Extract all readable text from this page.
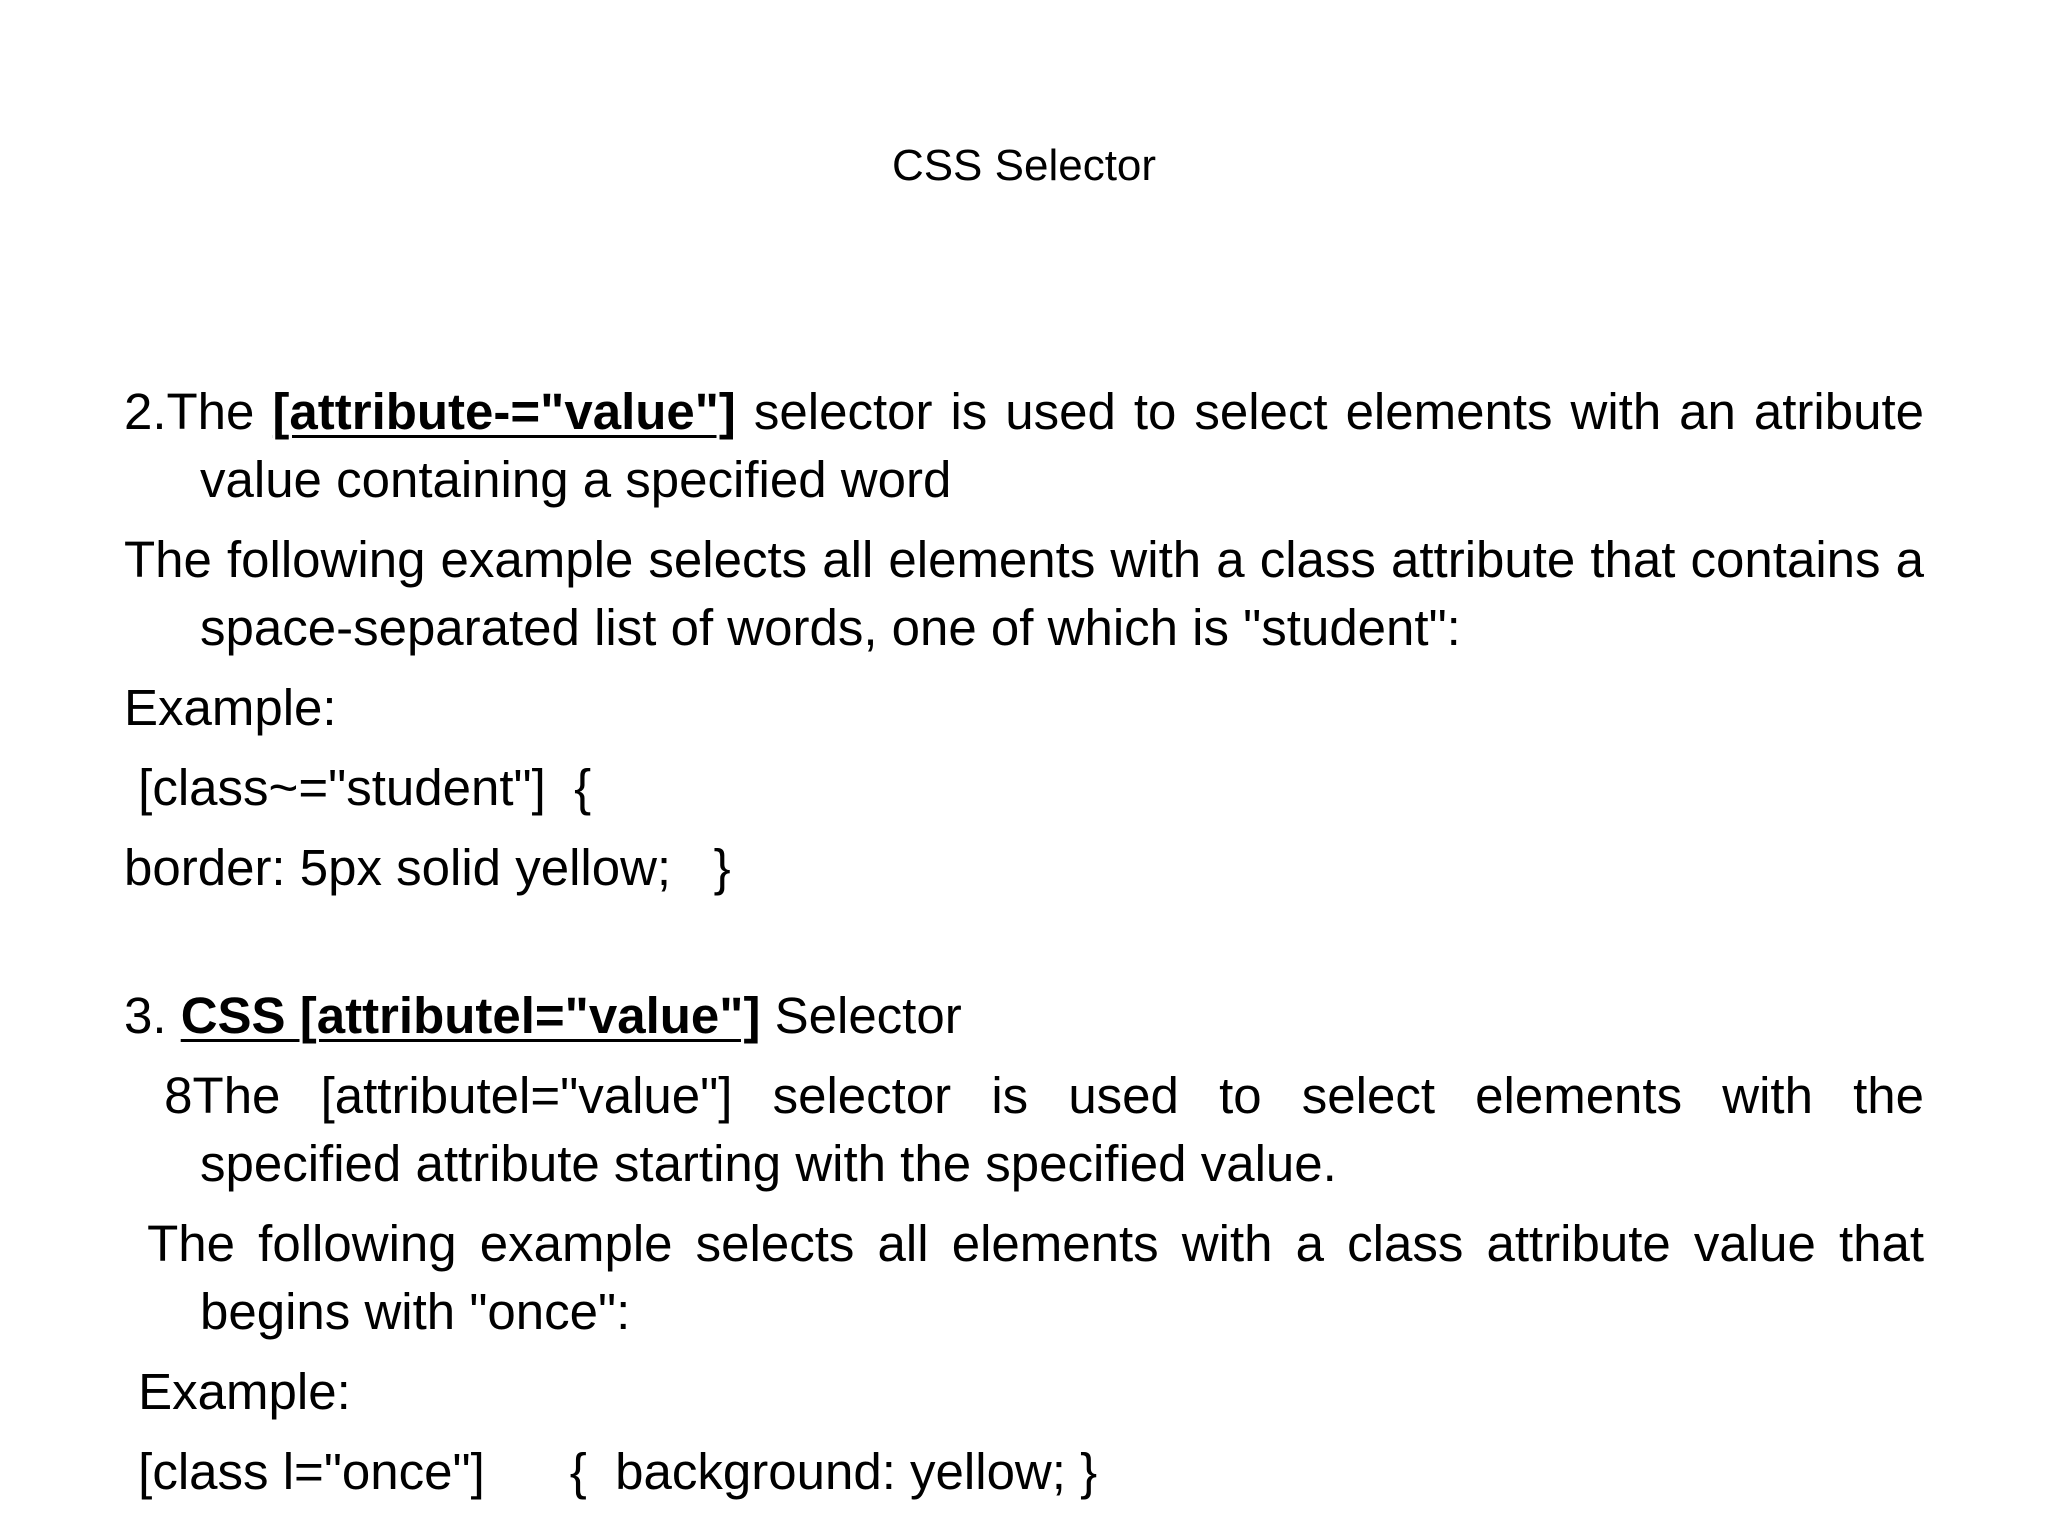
CSS Selector

2.The [attribute-="value"] selector is used to select elements with an atribute value containing a specified word

The following example selects all elements with a class attribute that contains a space-separated list of words, one of which is "student":

Example:

[class~="student"]  {

border: 5px solid yellow;   }

3. CSS [attributel="value"] Selector

8The  [attributel="value"]  selector  is  used  to  select  elements  with  the specified attribute starting with the specified value.

The following example selects all elements with a class attribute value that begins with "once":

Example:

[class l="once"]      {  background: yellow; }
